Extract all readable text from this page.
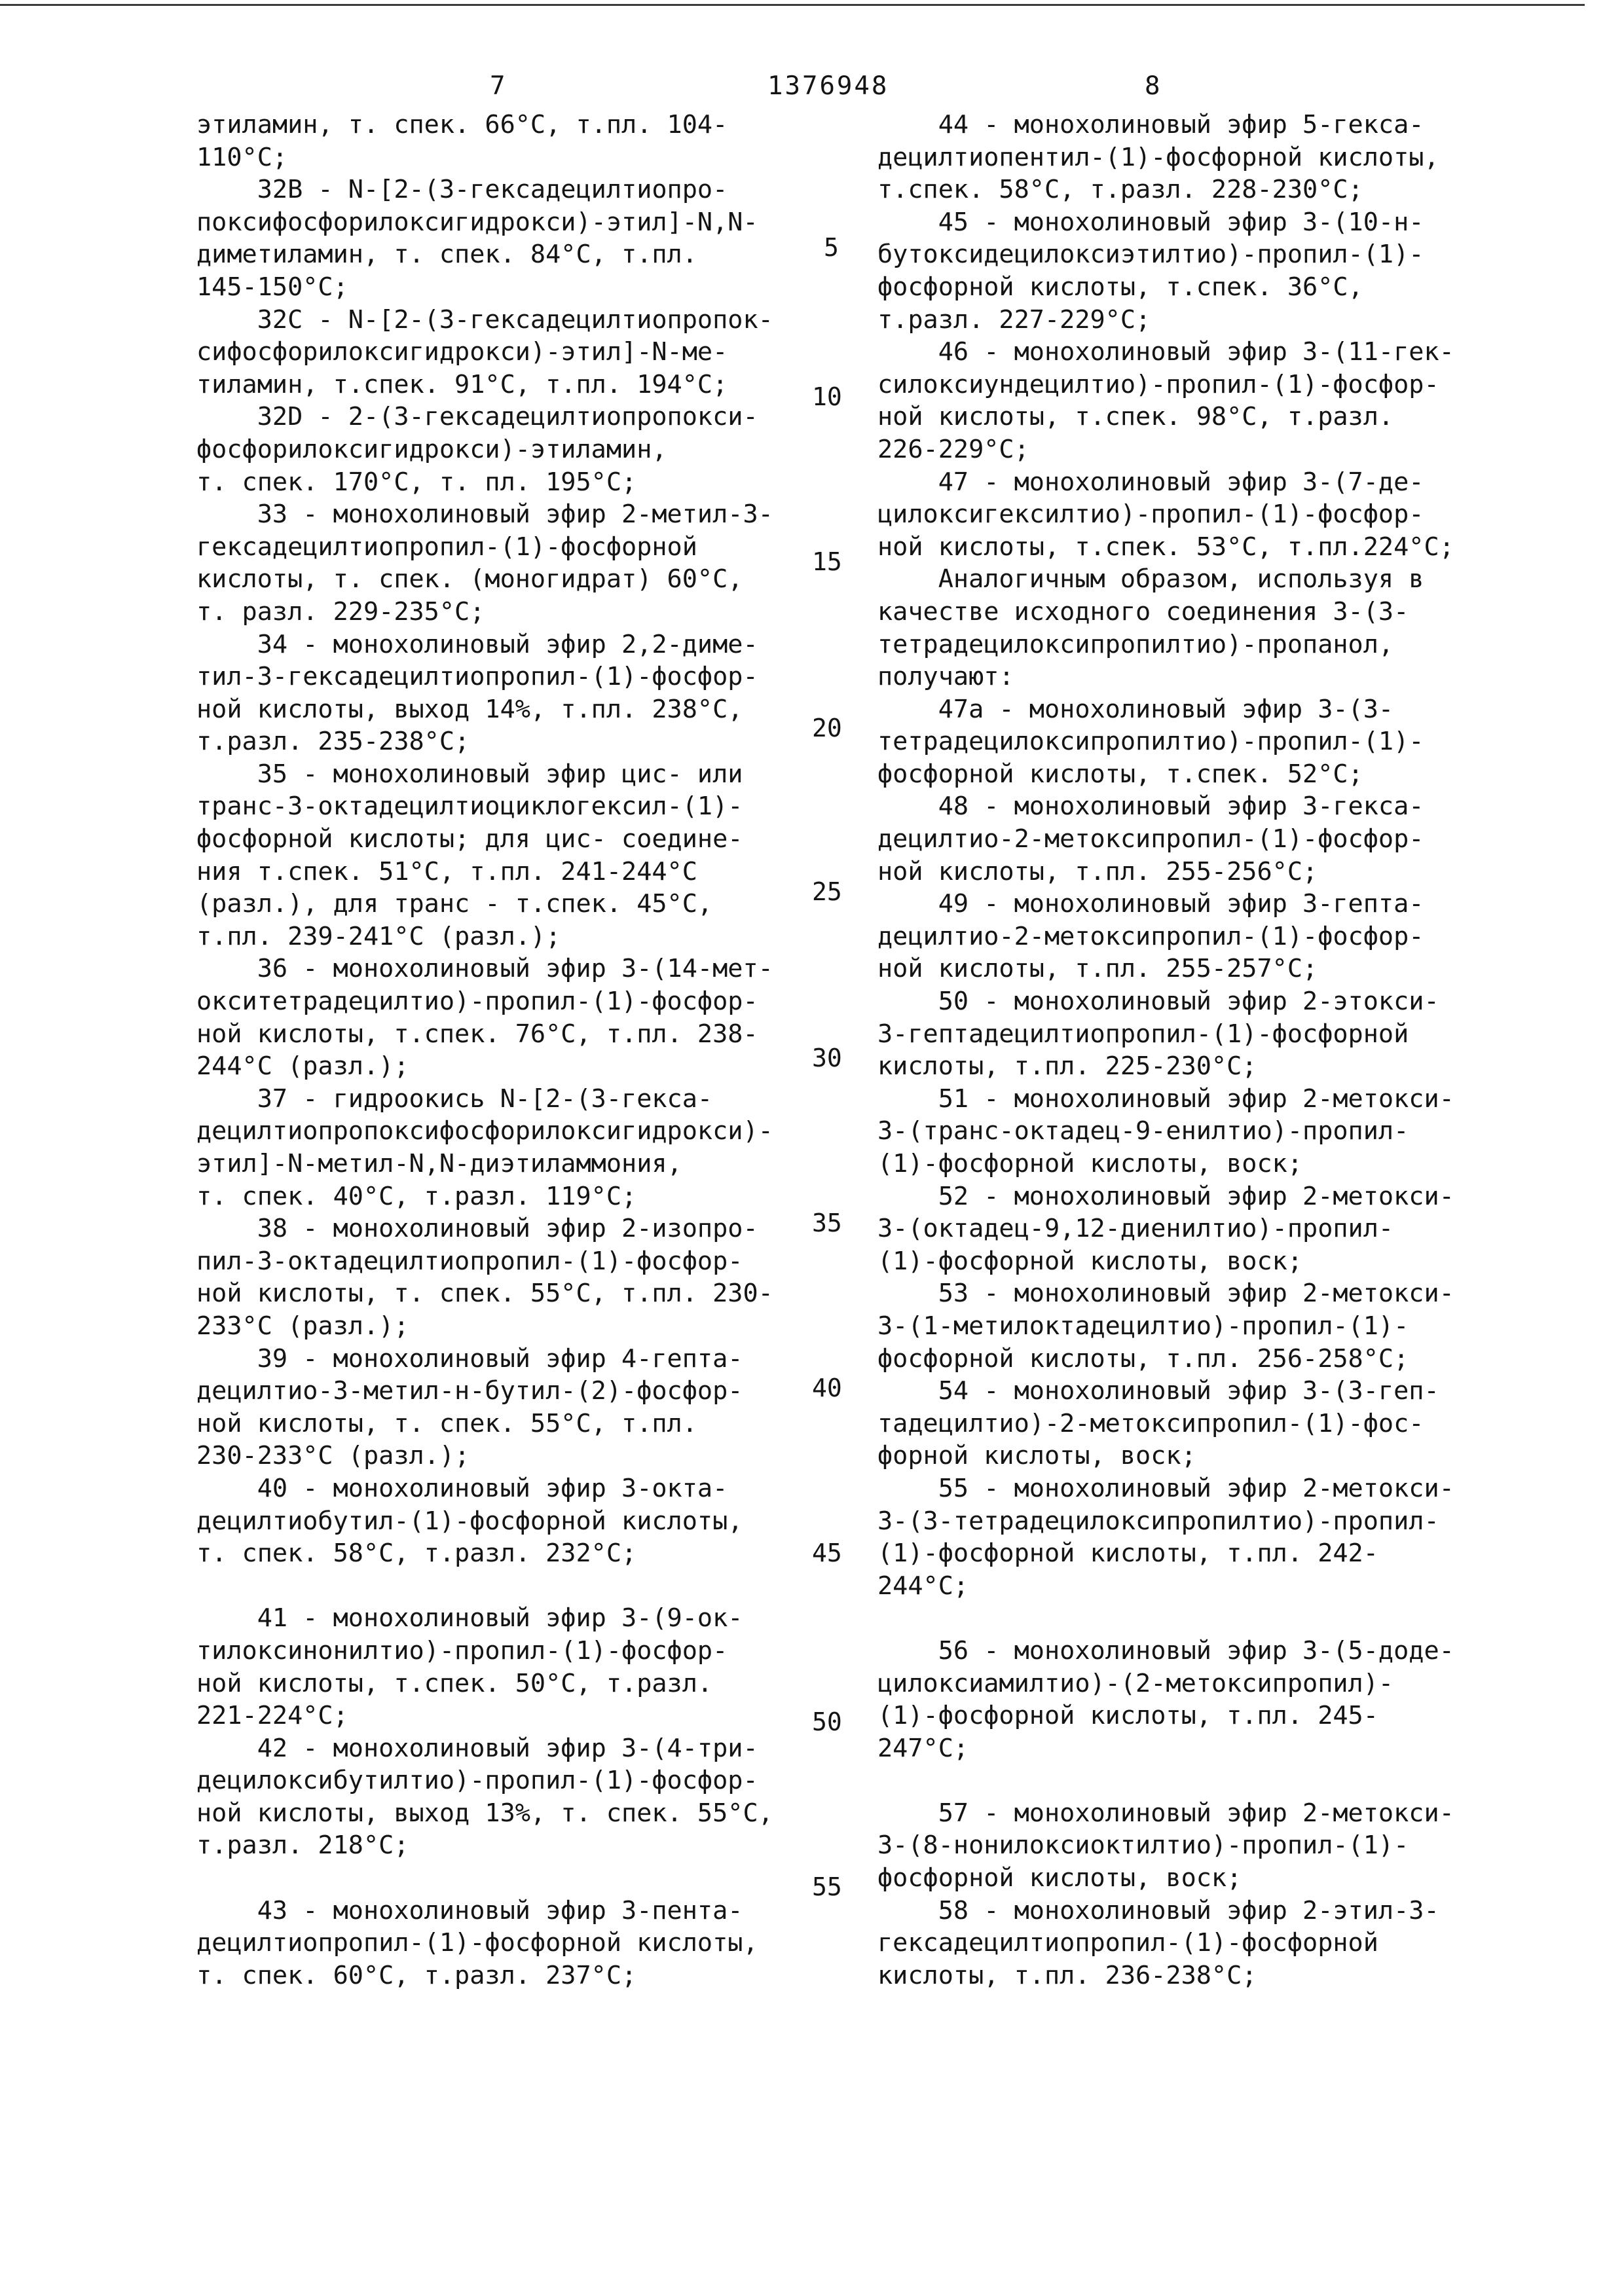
7	1376948	8
этиламин, т. спек. 66°С, т.пл. 104-
110°С;
32В - N-[2-(3-гексадецилтиопро-
поксифосфорилоксигидрокси)-этил]-N,N-
диметиламин, т. спек. 84°С, т.пл.
145-150°С;
32С - N-[2-(3-гексадецилтиопропок-
сифосфорилоксигидрокси)-этил]-N-ме-
тиламин, т.спек. 91°С, т.пл. 194°С;
32D - 2-(3-гексадецилтиопропокси-
фосфорилоксигидрокси)-этиламин,
т. спек. 170°С, т. пл. 195°С;
33 - монохолиновый эфир 2-метил-3-
гексадецилтиопропил-(1)-фосфорной
кислоты, т. спек. (моногидрат) 60°С,
т. разл. 229-235°С;
34 - монохолиновый эфир 2,2-диме-
тил-3-гексадецилтиопропил-(1)-фосфор-
ной кислоты, выход 14%, т.пл. 238°С,
т.разл. 235-238°С;
35 - монохолиновый эфир цис- или
транс-3-октадецилтиоциклогексил-(1)-
фосфорной кислоты; для цис- соедине-
ния т.спек. 51°С, т.пл. 241-244°С
(разл.), для транс - т.спек. 45°С,
т.пл. 239-241°С (разл.);
36 - монохолиновый эфир 3-(14-мет-
окситетрадецилтио)-пропил-(1)-фосфор-
ной кислоты, т.спек. 76°С, т.пл. 238-
244°С (разл.);
37 - гидроокись N-[2-(3-гекса-
децилтиопропоксифосфорилоксигидрокси)-
этил]-N-метил-N,N-диэтиламмония,
т. спек. 40°С, т.разл. 119°С;
38 - монохолиновый эфир 2-изопро-
пил-3-октадецилтиопропил-(1)-фосфор-
ной кислоты, т. спек. 55°С, т.пл. 230-
233°С (разл.);
39 - монохолиновый эфир 4-гепта-
децилтио-3-метил-н-бутил-(2)-фосфор-
ной кислоты, т. спек. 55°С, т.пл.
230-233°С (разл.);
40 - монохолиновый эфир 3-окта-
децилтиобутил-(1)-фосфорной кислоты,
т. спек. 58°С, т.разл. 232°С;
41 - монохолиновый эфир 3-(9-ок-
тилоксинонилтио)-пропил-(1)-фосфор-
ной кислоты, т.спек. 50°С, т.разл.
221-224°С;
42 - монохолиновый эфир 3-(4-три-
децилоксибутилтио)-пропил-(1)-фосфор-
ной кислоты, выход 13%, т. спек. 55°С,
т.разл. 218°С;
43 - монохолиновый эфир 3-пента-
децилтиопропил-(1)-фосфорной кислоты,
т. спек. 60°С, т.разл. 237°С;
44 - монохолиновый эфир 5-гекса-
децилтиопентил-(1)-фосфорной кислоты,
т.спек. 58°С, т.разл. 228-230°С;
45 - монохолиновый эфир 3-(10-н-
бутоксидецилоксиэтилтио)-пропил-(1)-
фосфорной кислоты, т.спек. 36°С,
т.разл. 227-229°С;
46 - монохолиновый эфир 3-(11-гек-
силоксиундецилтио)-пропил-(1)-фосфор-
ной кислоты, т.спек. 98°С, т.разл.
226-229°С;
47 - монохолиновый эфир 3-(7-де-
цилоксигексилтио)-пропил-(1)-фосфор-
ной кислоты, т.спек. 53°С, т.пл.224°С;
Аналогичным образом, используя в
качестве исходного соединения 3-(3-
тетрадецилоксипропилтио)-пропанол,
получают:
47а - монохолиновый эфир 3-(3-
тетрадецилоксипропилтио)-пропил-(1)-
фосфорной кислоты, т.спек. 52°С;
48 - монохолиновый эфир 3-гекса-
децилтио-2-метоксипропил-(1)-фосфор-
ной кислоты, т.пл. 255-256°С;
49 - монохолиновый эфир 3-гепта-
децилтио-2-метоксипропил-(1)-фосфор-
ной кислоты, т.пл. 255-257°С;
50 - монохолиновый эфир 2-этокси-
3-гептадецилтиопропил-(1)-фосфорной
кислоты, т.пл. 225-230°С;
51 - монохолиновый эфир 2-метокси-
3-(транс-октадец-9-енилтио)-пропил-
(1)-фосфорной кислоты, воск;
52 - монохолиновый эфир 2-метокси-
3-(октадец-9,12-диенилтио)-пропил-
(1)-фосфорной кислоты, воск;
53 - монохолиновый эфир 2-метокси-
3-(1-метилоктадецилтио)-пропил-(1)-
фосфорной кислоты, т.пл. 256-258°С;
54 - монохолиновый эфир 3-(3-геп-
тадецилтио)-2-метоксипропил-(1)-фос-
форной кислоты, воск;
55 - монохолиновый эфир 2-метокси-
3-(3-тетрадецилоксипропилтио)-пропил-
(1)-фосфорной кислоты, т.пл. 242-
244°С;
56 - монохолиновый эфир 3-(5-доде-
цилоксиамилтио)-(2-метоксипропил)-
(1)-фосфорной кислоты, т.пл. 245-
247°С;
57 - монохолиновый эфир 2-метокси-
3-(8-нонилоксиоктилтио)-пропил-(1)-
фосфорной кислоты, воск;
58 - монохолиновый эфир 2-этил-3-
гексадецилтиопропил-(1)-фосфорной
кислоты, т.пл. 236-238°С;
5
10
15
20
25
30
35
40
45
50
55
